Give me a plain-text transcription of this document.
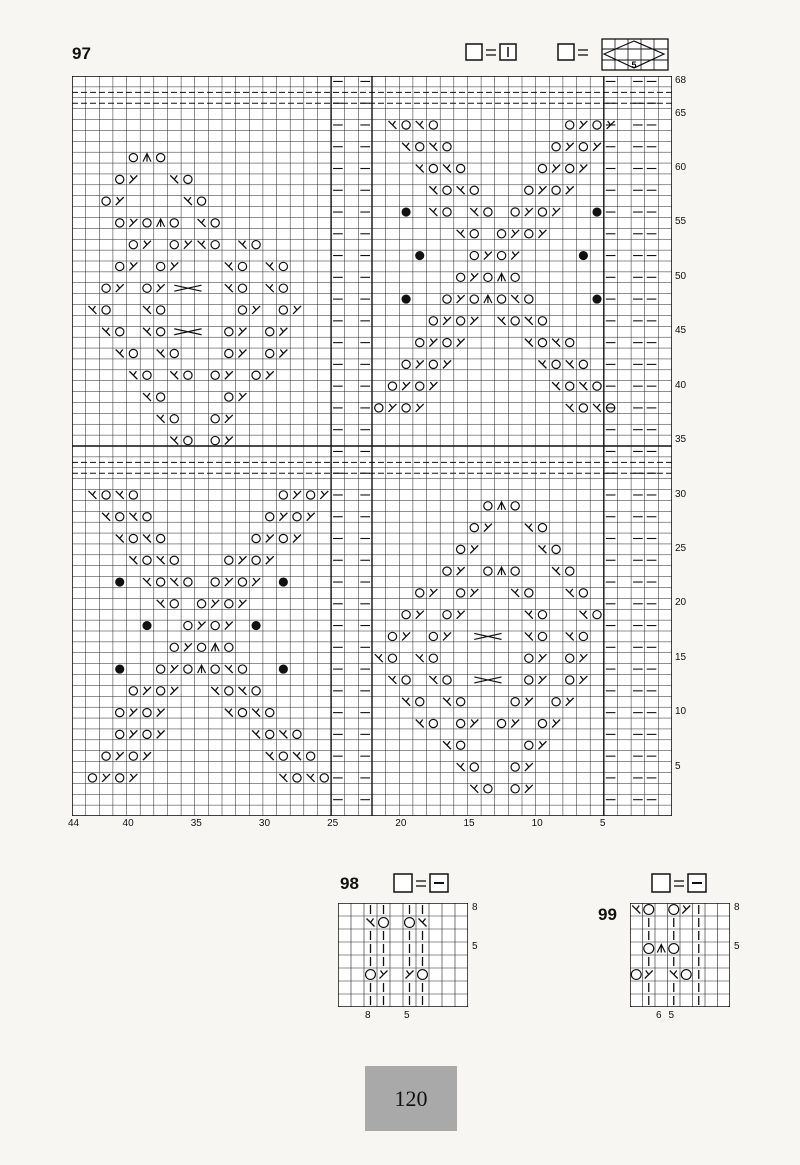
97
5
68
65
60
55
50
45
40
35
30
25
20
15
10
5
44	40	35	30	25	20	15	10	5
98
8
5
8	5
99	8
5
6 5
120
